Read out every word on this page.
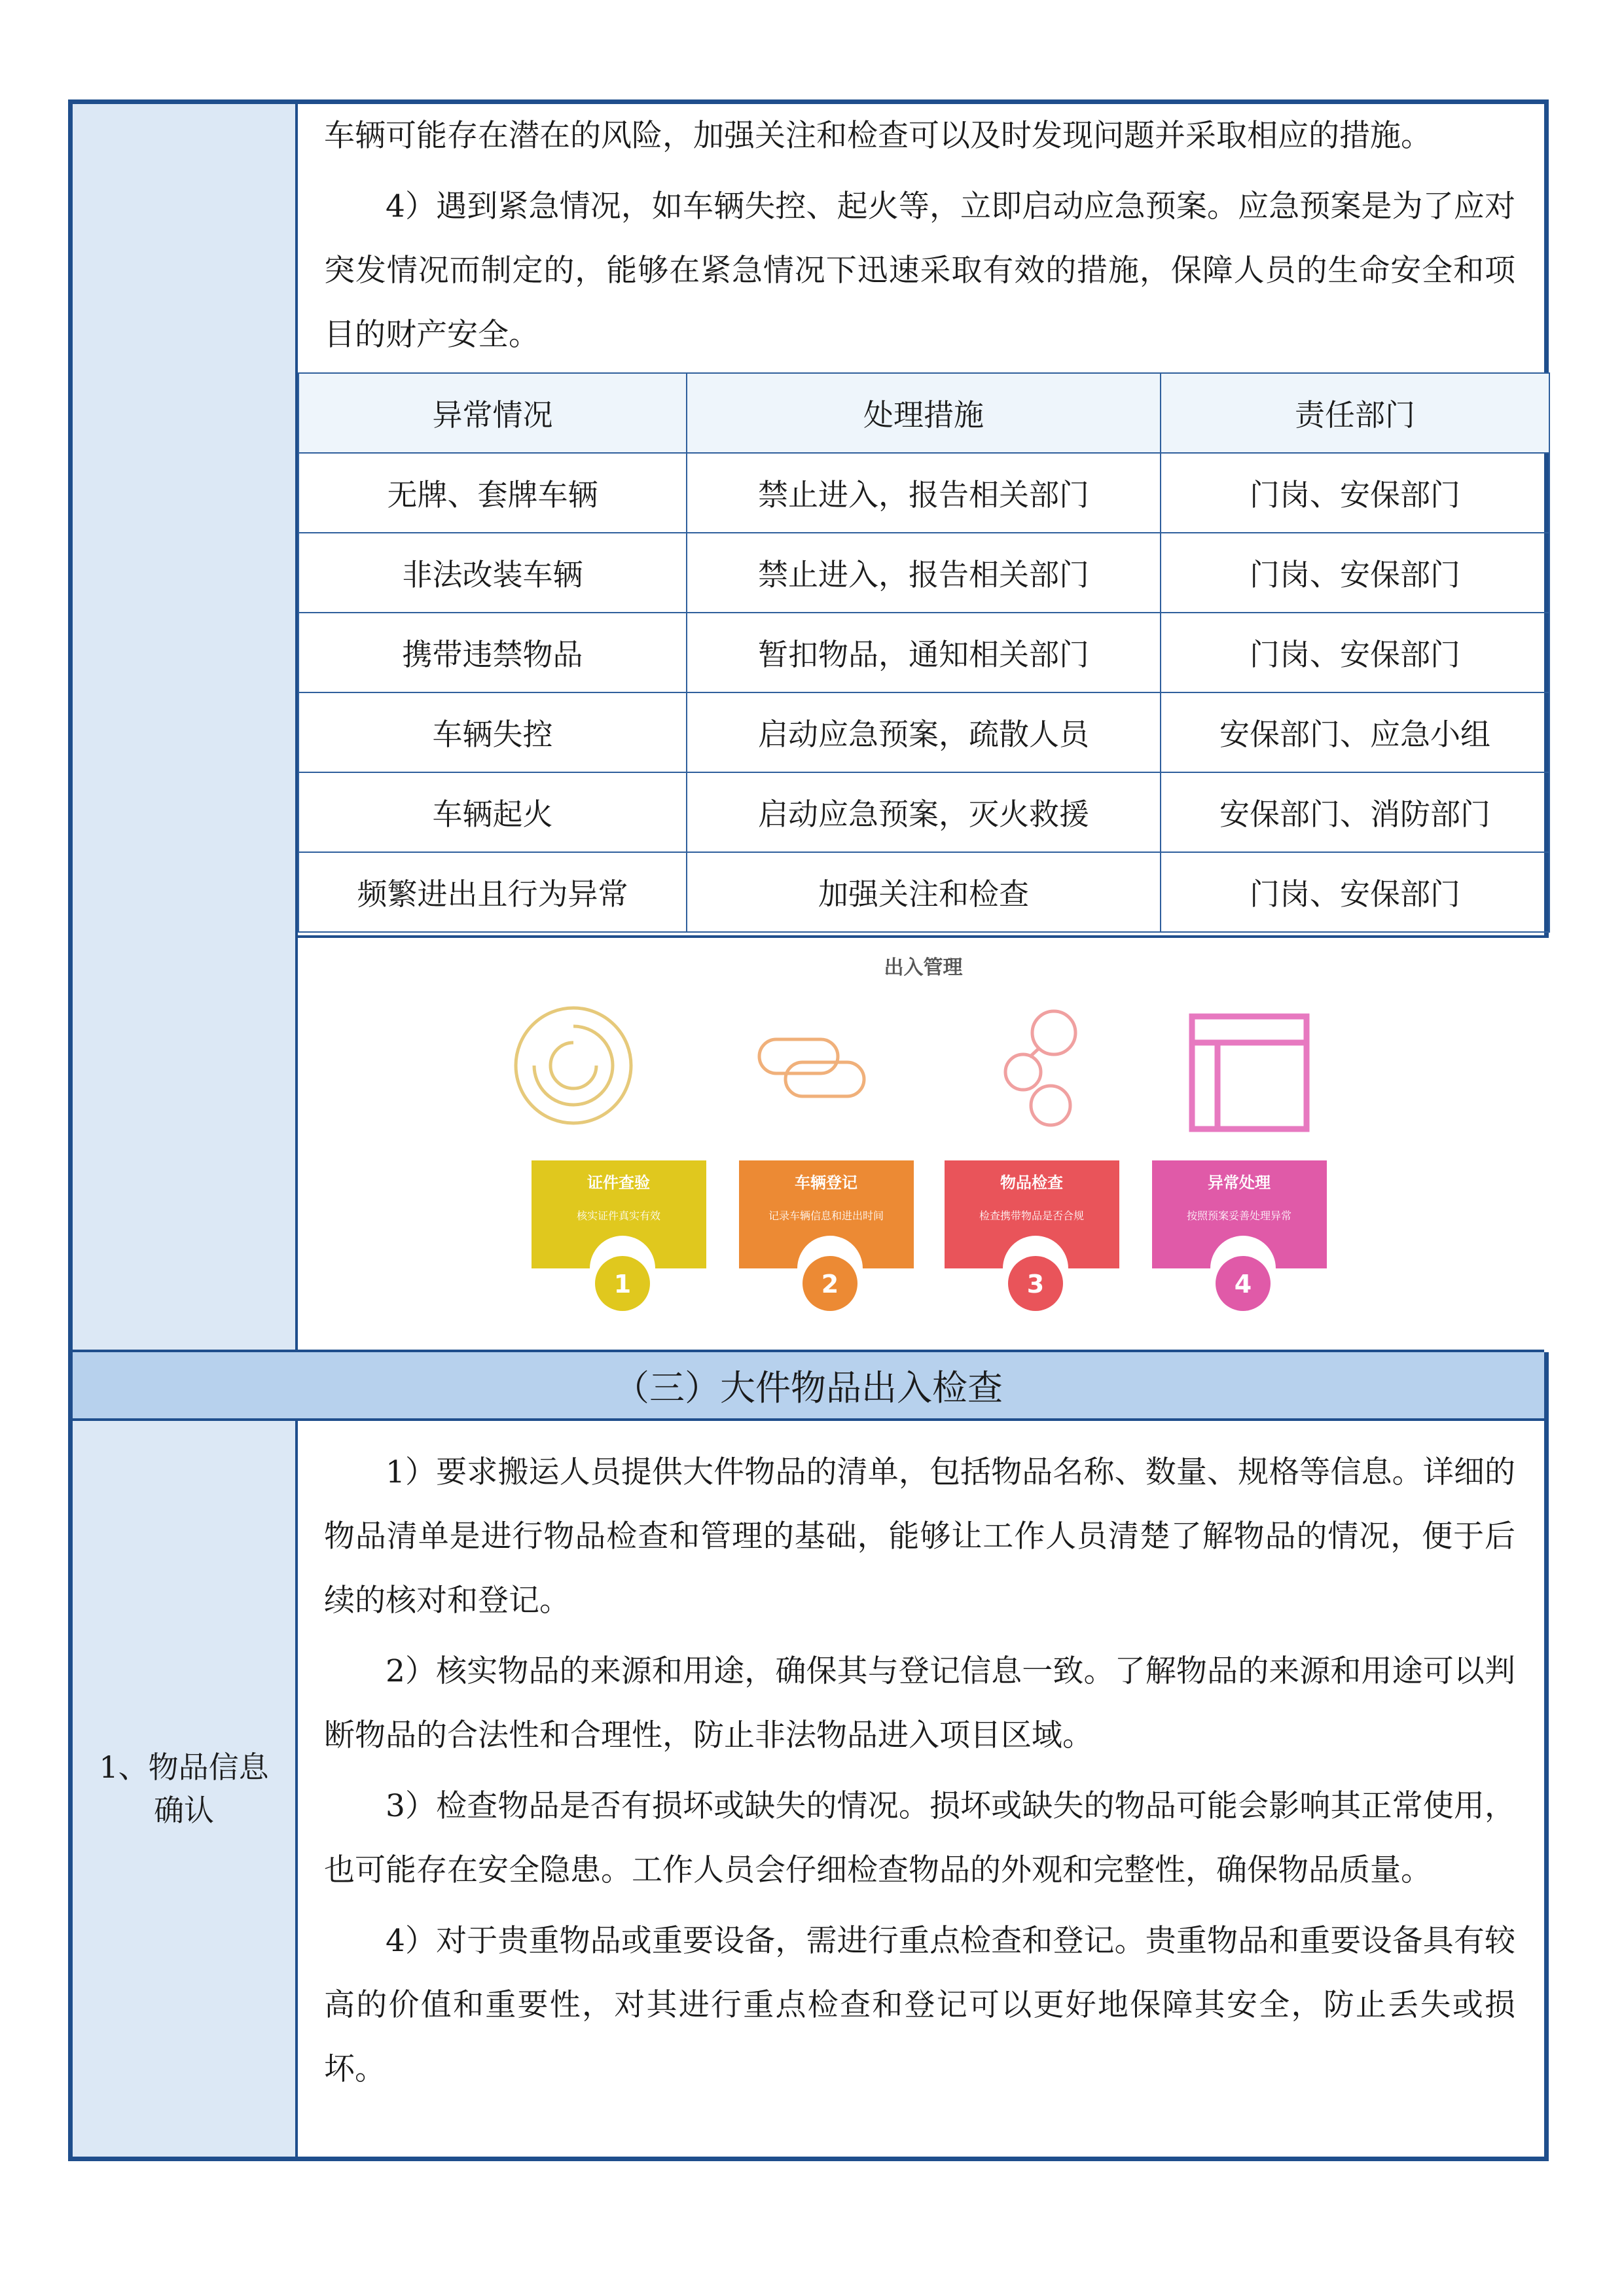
车辆可能存在潜在的风险，加强关注和检查可以及时发现问题并采取相应的措施。

4）遇到紧急情况，如车辆失控、起火等，立即启动应急预案。应急预案是为了应对突发情况而制定的，能够在紧急情况下迅速采取有效的措施，保障人员的生命安全和项目的财产安全。

异常情况	处理措施	责任部门
无牌、套牌车辆	禁止进入，报告相关部门	门岗、安保部门
非法改装车辆	禁止进入，报告相关部门	门岗、安保部门
携带违禁物品	暂扣物品，通知相关部门	门岗、安保部门
车辆失控	启动应急预案，疏散人员	安保部门、应急小组
车辆起火	启动应急预案，灭火救援	安保部门、消防部门
频繁进出且行为异常	加强关注和检查	门岗、安保部门
出入管理
证件查验
核实证件真实有效
1
车辆登记
记录车辆信息和进出时间
2
物品检查
检查携带物品是否合规
3
异常处理
按照预案妥善处理异常
4
（三）大件物品出入检查
1、物品信息确认

1）要求搬运人员提供大件物品的清单，包括物品名称、数量、规格等信息。详细的物品清单是进行物品检查和管理的基础，能够让工作人员清楚了解物品的情况，便于后续的核对和登记。

2）核实物品的来源和用途，确保其与登记信息一致。了解物品的来源和用途可以判断物品的合法性和合理性，防止非法物品进入项目区域。

3）检查物品是否有损坏或缺失的情况。损坏或缺失的物品可能会影响其正常使用，也可能存在安全隐患。工作人员会仔细检查物品的外观和完整性，确保物品质量。

4）对于贵重物品或重要设备，需进行重点检查和登记。贵重物品和重要设备具有较高的价值和重要性，对其进行重点检查和登记可以更好地保障其安全，防止丢失或损坏。
